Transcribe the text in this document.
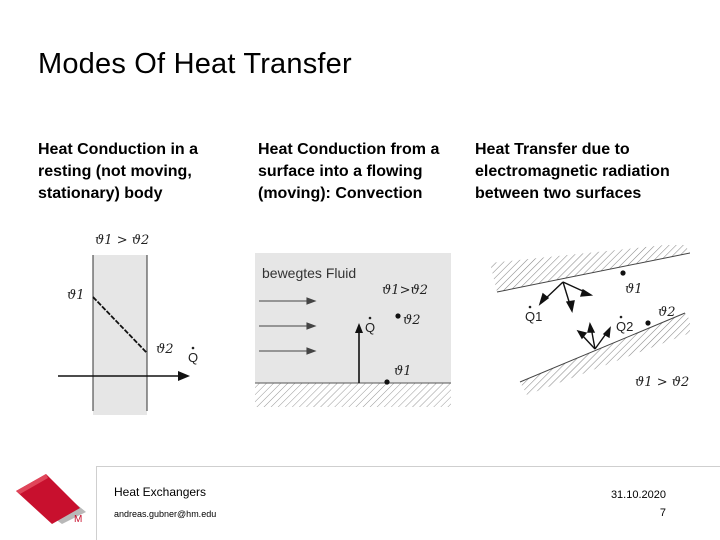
Modes Of Heat Transfer
Heat Conduction in a resting (not moving, stationary) body
Heat Conduction from a surface into a flowing (moving): Convection
Heat Transfer due to electromagnetic radiation between two surfaces
ϑ1 > ϑ2
ϑ1
ϑ2
Q
bewegtes Fluid
ϑ1>ϑ2
ϑ2
Q
ϑ1
ϑ1
ϑ2
Q1
Q2
ϑ1 > ϑ2
M
Heat Exchangers
andreas.gubner@hm.edu
31.10.2020
7
